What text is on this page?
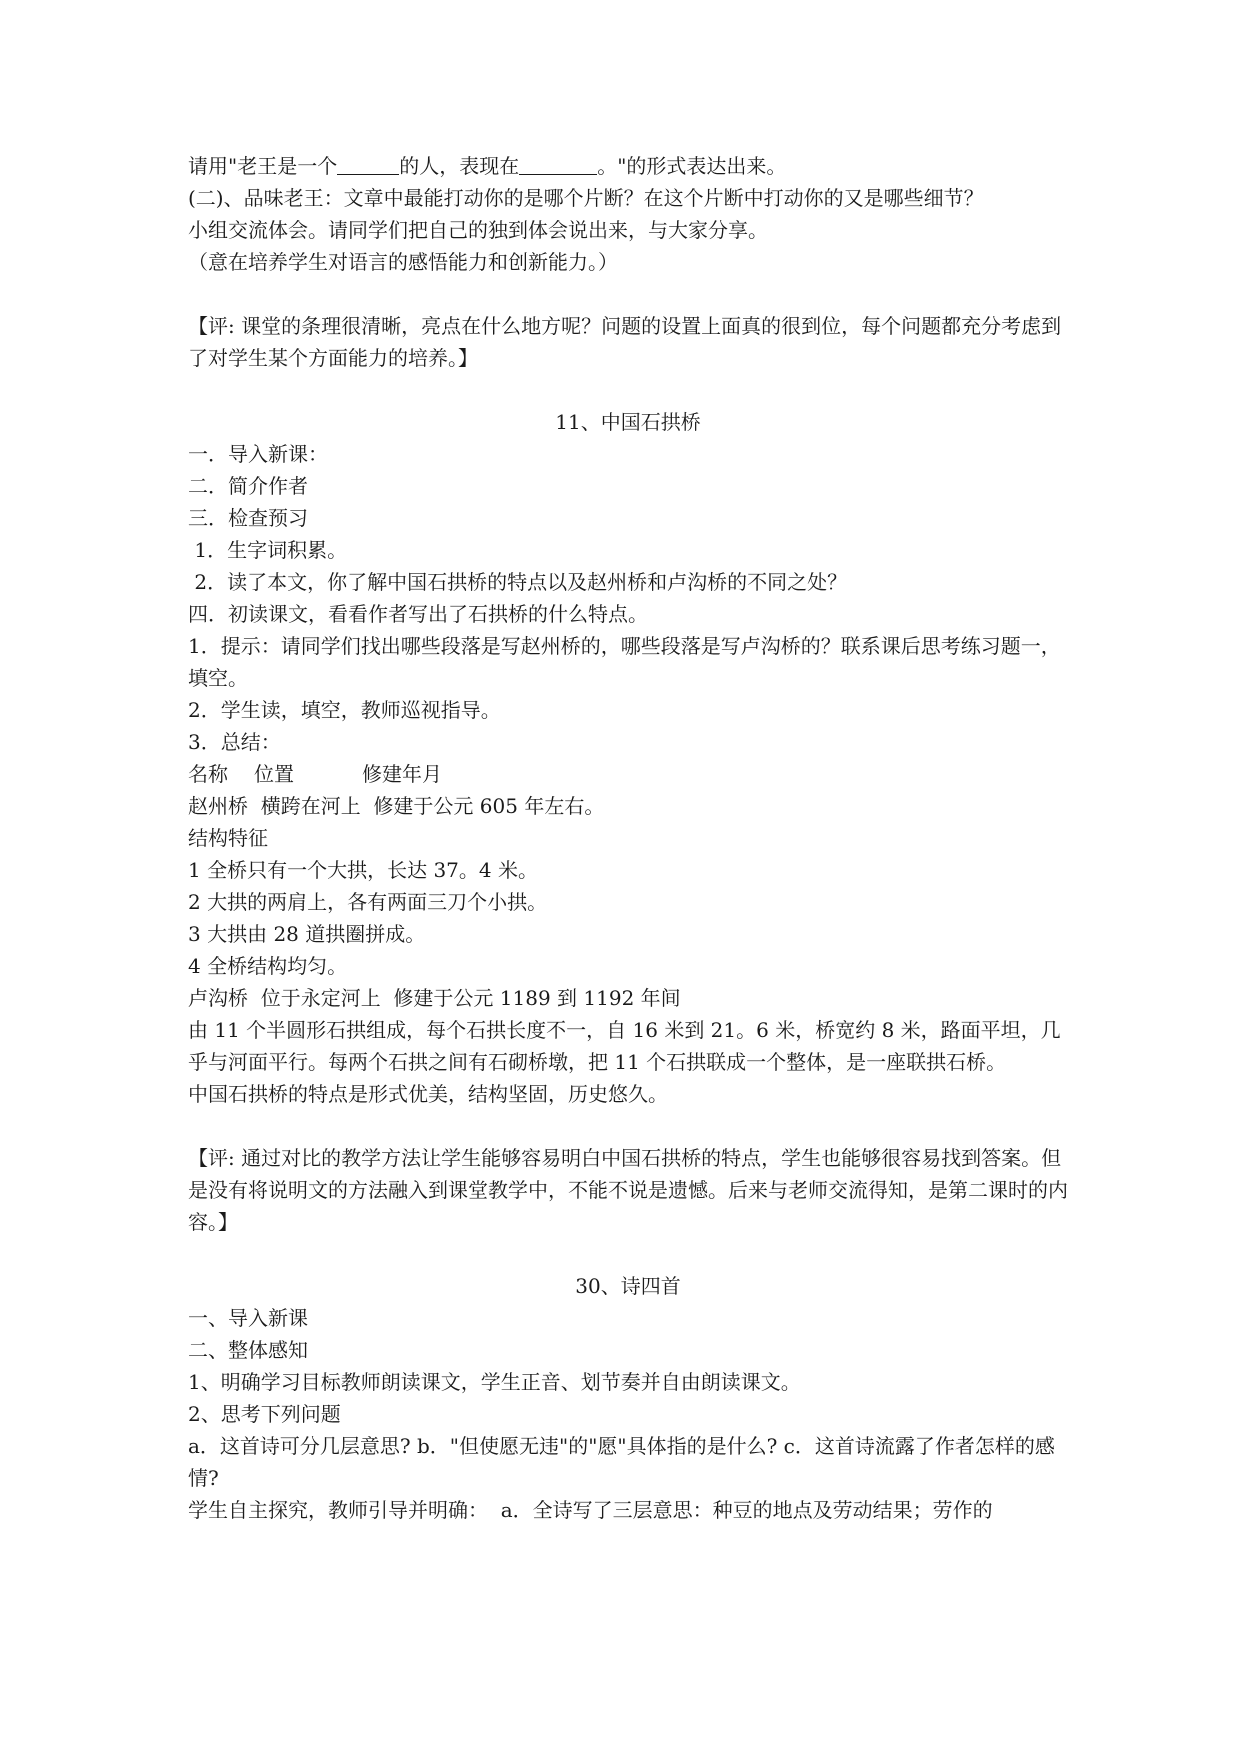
请用"老王是一个	的人，表现在	。"的形式表达出来。

(二)、品味老王：文章中最能打动你的是哪个片断？在这个片断中打动你的又是哪些细节？

小组交流体会。请同学们把自己的独到体会说出来，与大家分享。

（意在培养学生对语言的感悟能力和创新能力。）

【评: 课堂的条理很清晰，亮点在什么地方呢？问题的设置上面真的很到位，每个问题都充分考虑到了对学生某个方面能力的培养。】

11、中国石拱桥

一．导入新课：

二．简介作者

三．检查预习

1．生字词积累。

2．读了本文，你了解中国石拱桥的特点以及赵州桥和卢沟桥的不同之处？

四．初读课文，看看作者写出了石拱桥的什么特点。

1．提示：请同学们找出哪些段落是写赵州桥的，哪些段落是写卢沟桥的？联系课后思考练习题一，填空。

2．学生读，填空，教师巡视指导。

3．总结：

名称 位置	修建年月

赵州桥  横跨在河上  修建于公元 605 年左右。

结构特征

1 全桥只有一个大拱，长达 37。4 米。

2 大拱的两肩上，各有两面三刀个小拱。

3 大拱由 28 道拱圈拼成。

4 全桥结构均匀。

卢沟桥  位于永定河上  修建于公元 1189 到 1192 年间

由 11 个半圆形石拱组成，每个石拱长度不一，自 16 米到 21。6 米，桥宽约 8 米，路面平坦，几乎与河面平行。每两个石拱之间有石砌桥墩，把 11 个石拱联成一个整体，是一座联拱石桥。

中国石拱桥的特点是形式优美，结构坚固，历史悠久。

【评: 通过对比的教学方法让学生能够容易明白中国石拱桥的特点，学生也能够很容易找到答案。但是没有将说明文的方法融入到课堂教学中，不能不说是遗憾。后来与老师交流得知，是第二课时的内容。】

30、诗四首

一、导入新课

二、整体感知

1、明确学习目标教师朗读课文，学生正音、划节奏并自由朗读课文。

2、思考下列问题

a．这首诗可分几层意思? b．"但使愿无违"的"愿"具体指的是什么? c．这首诗流露了作者怎样的感情?

学生自主探究，教师引导并明确：  a．全诗写了三层意思：种豆的地点及劳动结果；劳作的
